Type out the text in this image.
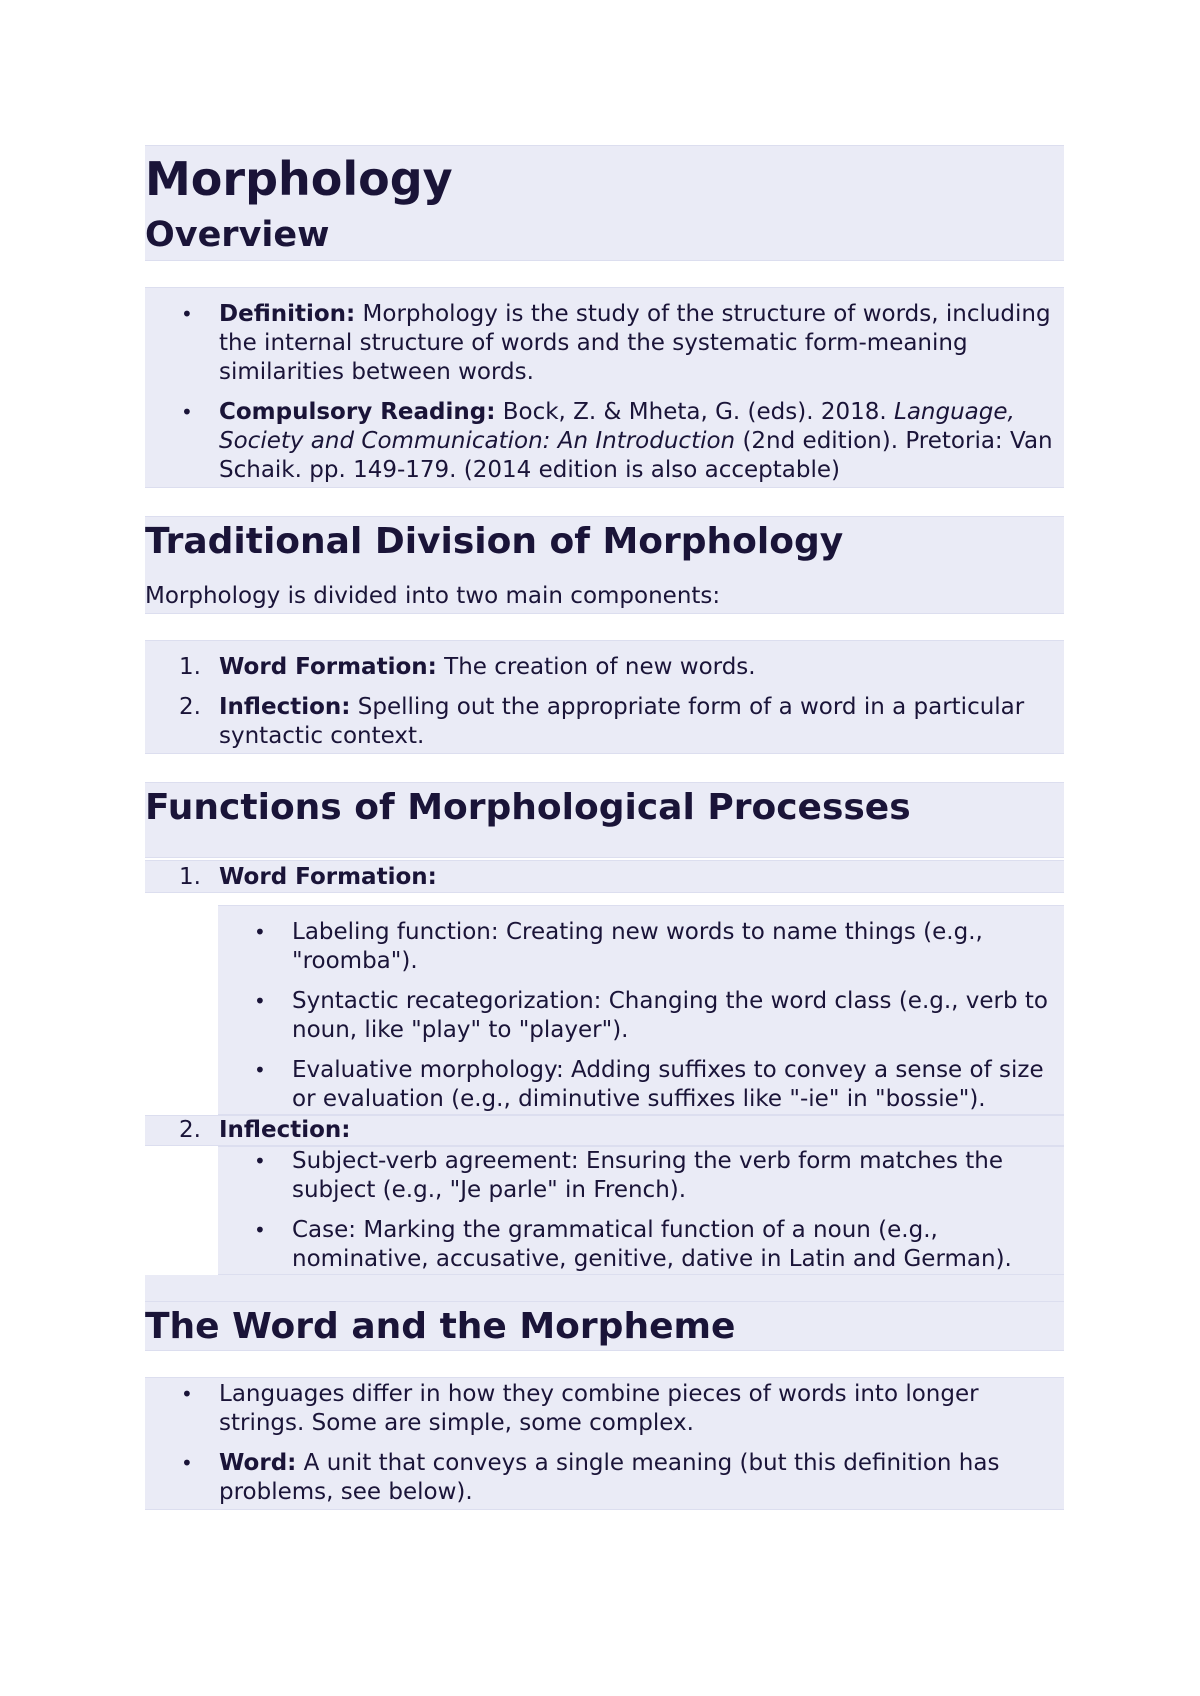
Morphology
Overview
•	Definition: Morphology is the study of the structure of words, including the internal structure of words and the systematic form-meaning similarities between words.
•	Compulsory Reading: Bock, Z. & Mheta, G. (eds). 2018. Language, Society and Communication: An Introduction (2nd edition). Pretoria: Van Schaik. pp. 149-179. (2014 edition is also acceptable)
Traditional Division of Morphology
Morphology is divided into two main components:
1. Word Formation: The creation of new words.
2. Inflection: Spelling out the appropriate form of a word in a particular syntactic context.
Functions of Morphological Processes
1. Word Formation:
•	Labeling function: Creating new words to name things (e.g., "roomba").
•	Syntactic recategorization: Changing the word class (e.g., verb to noun, like "play" to "player").
•	Evaluative morphology: Adding suffixes to convey a sense of size or evaluation (e.g., diminutive suffixes like "-ie" in "bossie").
2. Inflection:
•	Subject-verb agreement: Ensuring the verb form matches the subject (e.g., "Je parle" in French).
•	Case: Marking the grammatical function of a noun (e.g., nominative, accusative, genitive, dative in Latin and German).
The Word and the Morpheme
•	Languages differ in how they combine pieces of words into longer strings. Some are simple, some complex.
•	Word: A unit that conveys a single meaning (but this definition has problems, see below).
